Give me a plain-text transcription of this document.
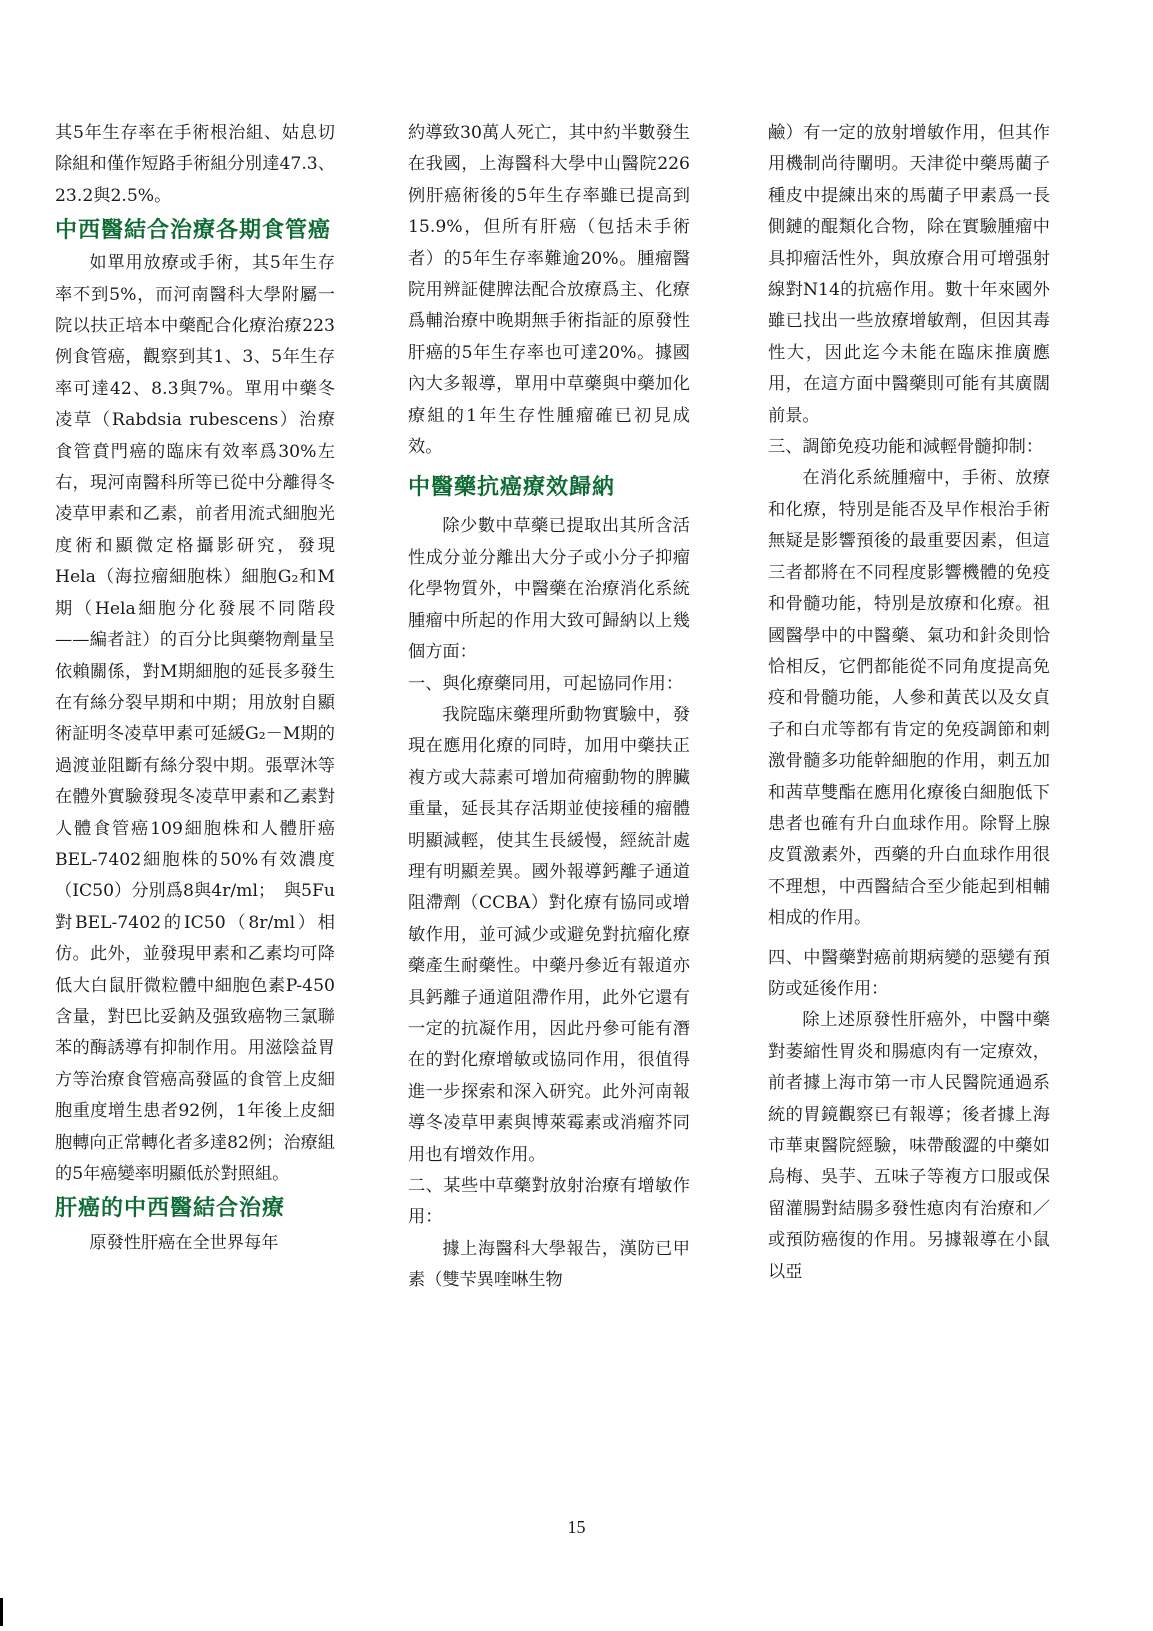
其5年生存率在手術根治組、姑息切除組和僅作短路手術組分別達47.3、23.2與2.5%。

中西醫結合治療各期食管癌

如單用放療或手術，其5年生存率不到5%，而河南醫科大學附屬一院以扶正培本中藥配合化療治療223例食管癌，觀察到其1、3、5年生存率可達42、8.3與7%。單用中藥冬凌草（Rabdsia rubescens）治療食管賁門癌的臨床有效率爲30%左右，現河南醫科所等已從中分離得冬凌草甲素和乙素，前者用流式細胞光度術和顯微定格攝影研究，發現Hela（海拉瘤細胞株）細胞G₂和M期（Hela細胞分化發展不同階段——編者註）的百分比與藥物劑量呈依賴關係，對M期細胞的延長多發生在有絲分裂早期和中期；用放射自顯術証明冬凌草甲素可延緩G₂－M期的過渡並阻斷有絲分裂中期。張覃沐等在體外實驗發現冬凌草甲素和乙素對人體食管癌109細胞株和人體肝癌BEL-7402細胞株的50%有效濃度（IC50）分別爲8與4r/ml；　與5Fu對BEL-7402的IC50（8r/ml）相仿。此外，並發現甲素和乙素均可降低大白鼠肝微粒體中細胞色素P-450含量，對巴比妥鈉及强致癌物三氯聯苯的酶誘導有抑制作用。用滋陰益胃方等治療食管癌高發區的食管上皮細胞重度增生患者92例，1年後上皮細胞轉向正常轉化者多達82例；治療組的5年癌變率明顯低於對照組。

肝癌的中西醫結合治療

原發性肝癌在全世界每年

約導致30萬人死亡，其中約半數發生在我國，上海醫科大學中山醫院226例肝癌術後的5年生存率雖已提高到15.9%，但所有肝癌（包括未手術者）的5年生存率難逾20%。腫瘤醫院用辨証健脾法配合放療爲主、化療爲輔治療中晚期無手術指証的原發性肝癌的5年生存率也可達20%。據國內大多報導，單用中草藥與中藥加化療組的1年生存性腫瘤確已初見成效。

中醫藥抗癌療效歸納

除少數中草藥已提取出其所含活性成分並分離出大分子或小分子抑瘤化學物質外，中醫藥在治療消化系統腫瘤中所起的作用大致可歸納以上幾個方面：

一、與化療藥同用，可起協同作用：

我院臨床藥理所動物實驗中，發現在應用化療的同時，加用中藥扶正複方或大蒜素可增加荷瘤動物的脾臟重量，延長其存活期並使接種的瘤體明顯減輕，使其生長緩慢，經統計處理有明顯差異。國外報導鈣離子通道阻滯劑（CCBA）對化療有協同或增敏作用，並可減少或避免對抗瘤化療藥產生耐藥性。中藥丹參近有報道亦具鈣離子通道阻滯作用，此外它還有一定的抗凝作用，因此丹參可能有潛在的對化療增敏或協同作用，很值得進一步探索和深入研究。此外河南報導冬凌草甲素與博萊霉素或消瘤芥同用也有增效作用。

二、某些中草藥對放射治療有增敏作用：

據上海醫科大學報告，漢防已甲素（雙芐異喹啉生物

鹼）有一定的放射增敏作用，但其作用機制尚待闡明。天津從中藥馬藺子種皮中提練出來的馬藺子甲素爲一長側鏈的醌類化合物，除在實驗腫瘤中具抑瘤活性外，與放療合用可增强射線對N14的抗癌作用。數十年來國外雖已找出一些放療增敏劑，但因其毒性大，因此迄今未能在臨床推廣應用，在這方面中醫藥則可能有其廣闊前景。

三、調節免疫功能和減輕骨髓抑制：

在消化系統腫瘤中，手術、放療和化療，特別是能否及早作根治手術無疑是影響預後的最重要因素，但這三者都將在不同程度影響機體的免疫和骨髓功能，特別是放療和化療。祖國醫學中的中醫藥、氣功和針灸則恰恰相反，它們都能從不同角度提高免疫和骨髓功能，人參和黃芪以及女貞子和白朮等都有肯定的免疫調節和刺激骨髓多功能幹細胞的作用，刺五加和茜草雙酯在應用化療後白細胞低下患者也確有升白血球作用。除腎上腺皮質激素外，西藥的升白血球作用很不理想，中西醫結合至少能起到相輔相成的作用。

四、中醫藥對癌前期病變的惡變有預防或延後作用：

除上述原發性肝癌外，中醫中藥對萎縮性胃炎和腸瘜肉有一定療效，前者據上海市第一市人民醫院通過系統的胃鏡觀察已有報導；後者據上海市華東醫院經驗，味帶酸澀的中藥如烏梅、吳芋、五味子等複方口服或保留灌腸對結腸多發性瘜肉有治療和／或預防癌復的作用。另據報導在小鼠以亞

15
